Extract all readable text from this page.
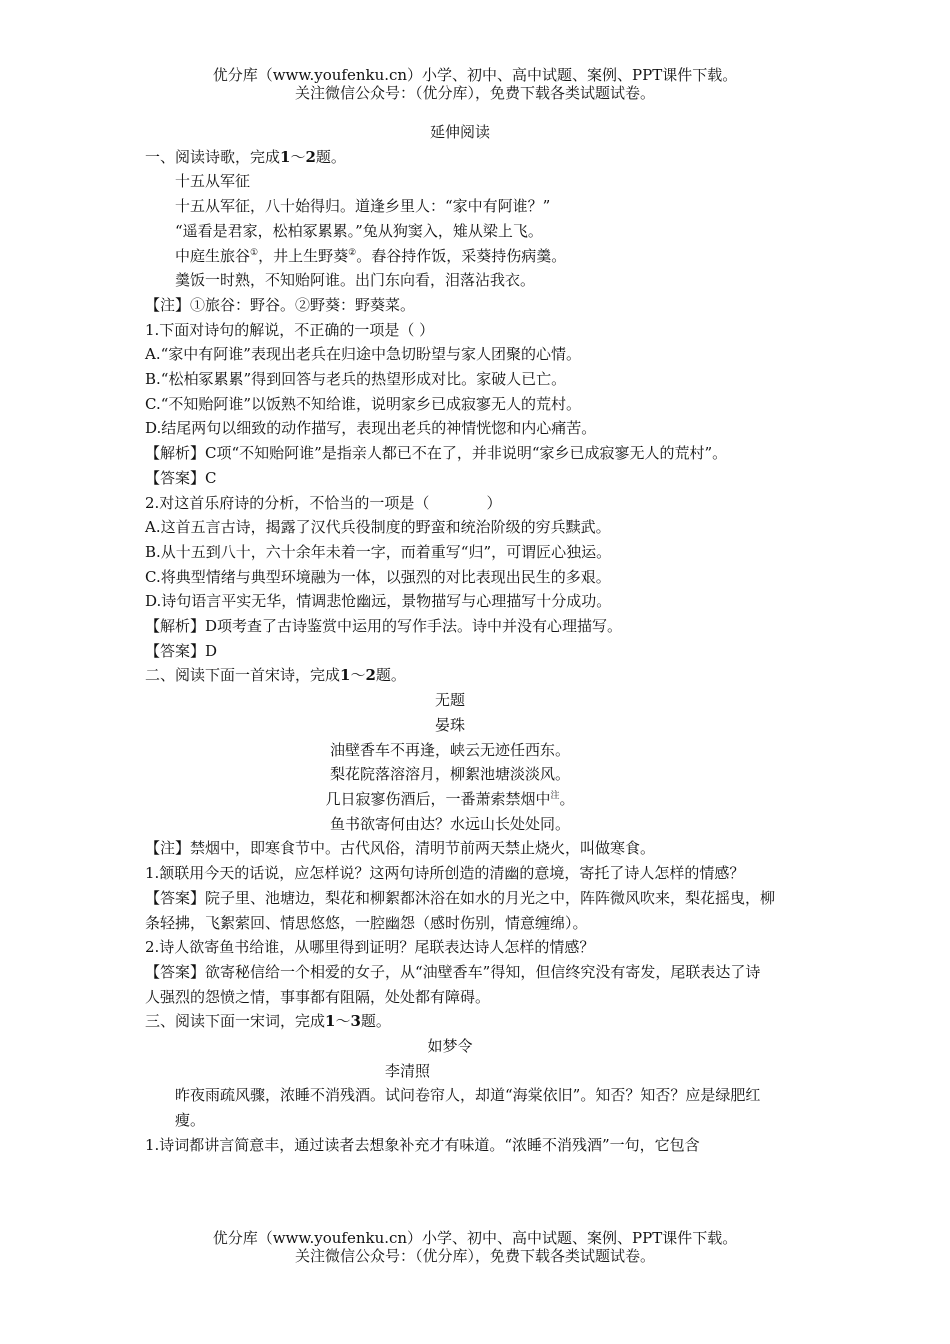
优分库（www.youfenku.cn）小学、初中、高中试题、案例、PPT课件下载。
关注微信公众号：（优分库），免费下载各类试题试卷。

延伸阅读

一、阅读诗歌，完成1～2题。

十五从军征

十五从军征，八十始得归。道逢乡里人：“家中有阿谁？”

“遥看是君家，松柏冢累累。”兔从狗窦入，雉从梁上飞。

中庭生旅谷①，井上生野葵②。舂谷持作饭，采葵持伤病羹。

羹饭一时熟，不知贻阿谁。出门东向看，泪落沾我衣。

【注】①旅谷：野谷。②野葵：野葵菜。

1.下面对诗句的解说，不正确的一项是（ ）

A.“家中有阿谁”表现出老兵在归途中急切盼望与家人团聚的心情。

B.“松柏冢累累”得到回答与老兵的热望形成对比。家破人已亡。

C.“不知贻阿谁”以饭熟不知给谁，说明家乡已成寂寥无人的荒村。

D.结尾两句以细致的动作描写，表现出老兵的神情恍惚和内心痛苦。

【解析】C项“不知贻阿谁”是指亲人都已不在了，并非说明“家乡已成寂寥无人的荒村”。

【答案】C

2.对这首乐府诗的分析，不恰当的一项是（            ）

A.这首五言古诗，揭露了汉代兵役制度的野蛮和统治阶级的穷兵黩武。

B.从十五到八十，六十余年未着一字，而着重写“归”，可谓匠心独运。

C.将典型情绪与典型环境融为一体，以强烈的对比表现出民生的多艰。

D.诗句语言平实无华，情调悲怆幽远，景物描写与心理描写十分成功。

【解析】D项考查了古诗鉴赏中运用的写作手法。诗中并没有心理描写。

【答案】D

二、阅读下面一首宋诗，完成1～2题。

无题

晏珠

油壁香车不再逢，峡云无迹任西东。

梨花院落溶溶月，柳絮池塘淡淡风。

几日寂寥伤酒后，一番萧索禁烟中$^注$。

鱼书欲寄何由达？水远山长处处同。

【注】禁烟中，即寒食节中。古代风俗，清明节前两天禁止烧火，叫做寒食。

1.颔联用今天的话说，应怎样说？这两句诗所创造的清幽的意境，寄托了诗人怎样的情感？

【答案】院子里、池塘边，梨花和柳絮都沐浴在如水的月光之中，阵阵微风吹来，梨花摇曳，柳条轻拂，飞絮萦回、情思悠悠，一腔幽怨（感时伤别，情意缠绵）。

2.诗人欲寄鱼书给谁，从哪里得到证明？尾联表达诗人怎样的情感？

【答案】欲寄秘信给一个相爱的女子，从“油壁香车”得知，但信终究没有寄发，尾联表达了诗人强烈的怨愤之情，事事都有阻隔，处处都有障碍。

三、阅读下面一宋词，完成1～3题。

如梦令

李清照

昨夜雨疏风骤，浓睡不消残酒。试问卷帘人，却道“海棠依旧”。知否？知否？应是绿肥红瘦。

1.诗词都讲言简意丰，通过读者去想象补充才有味道。“浓睡不消残酒”一句，它包含

优分库（www.youfenku.cn）小学、初中、高中试题、案例、PPT课件下载。
关注微信公众号：（优分库），免费下载各类试题试卷。
